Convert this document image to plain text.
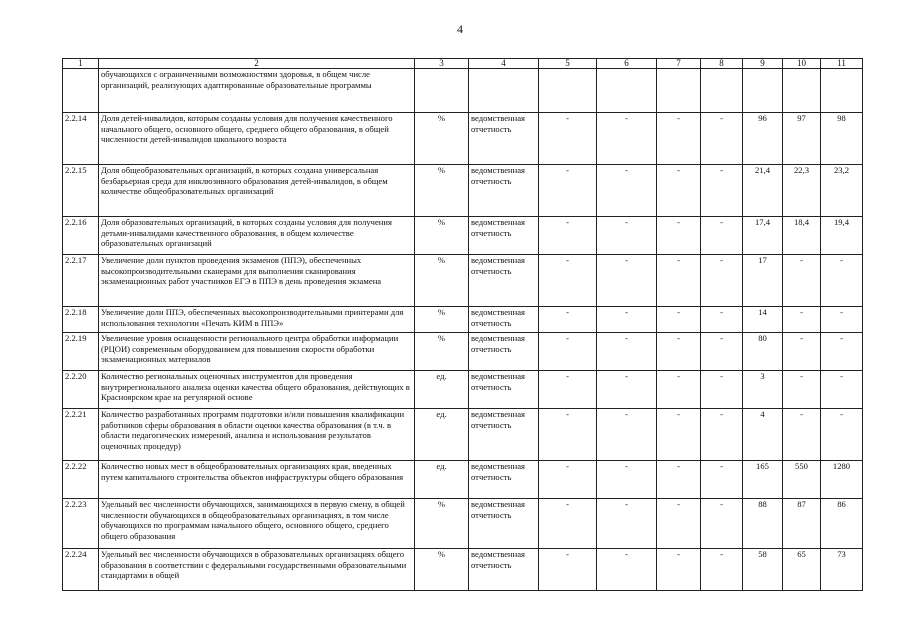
4
1	2	3	4	5	6	7	8	9	10	11
	обучающихся с ограниченными возможностями здоровья, в общем числе организаций, реализующих адаптированные образовательные программы									
2.2.14	Доля детей-инвалидов, которым созданы условия для получения качественного начального общего, основного общего, среднего общего образования, в общей численности детей-инвалидов школьного возраста	%	ведомственная отчетность	-	-	-	-	96	97	98
2.2.15	Доля общеобразовательных организаций, в которых создана универсальная безбарьерная среда для инклюзивного образования детей-инвалидов, в общем количестве общеобразовательных организаций	%	ведомственная отчетность	-	-	-	-	21,4	22,3	23,2
2.2.16	Доля образовательных организаций, в которых созданы условия для получения детьми-инвалидами качественного образования, в общем количестве образовательных организаций	%	ведомственная отчетность	-	-	-	-	17,4	18,4	19,4
2.2.17	Увеличение доли пунктов проведения экзаменов (ППЭ), обеспеченных высокопроизводительными сканерами для выполнения сканирования экзаменационных работ участников ЕГЭ в ППЭ в день проведения экзамена	%	ведомственная отчетность	-	-	-	-	17	-	-
2.2.18	Увеличение доли ППЭ, обеспеченных высокопроизводительными принтерами для использования технологии «Печать КИМ в ППЭ»	%	ведомственная отчетность	-	-	-	-	14	-	-
2.2.19	Увеличение уровня оснащенности регионального центра обработки информации (РЦОИ) современным оборудованием для повышения скорости обработки экзаменационных материалов	%	ведомственная отчетность	-	-	-	-	80	-	-
2.2.20	Количество региональных оценочных инструментов для проведения внутрирегионального анализа оценки качества общего образования, действующих в Красноярском крае на регулярной основе	ед.	ведомственная отчетность	-	-	-	-	3	-	-
2.2.21	Количество разработанных программ подготовки и/или повышения квалификации работников сферы образования в области оценки качества образования (в т.ч. в области педагогических измерений, анализа и использования результатов оценочных процедур)	ед.	ведомственная отчетность	-	-	-	-	4	-	-
2.2.22	Количество новых мест в общеобразовательных организациях края, введенных путем капитального строительства объектов инфраструктуры общего образования	ед.	ведомственная отчетность	-	-	-	-	165	550	1280
2.2.23	Удельный вес численности обучающихся, занимающихся в первую смену, в общей численности обучающихся в общеобразовательных организациях, в том числе обучающихся по программам начального общего, основного общего, среднего общего образования	%	ведомственная отчетность	-	-	-	-	88	87	86
2.2.24	Удельный вес численности обучающихся в образовательных организациях общего образования в соответствии с федеральными государственными образовательными стандартами в общей	%	ведомственная отчетность	-	-	-	-	58	65	73
